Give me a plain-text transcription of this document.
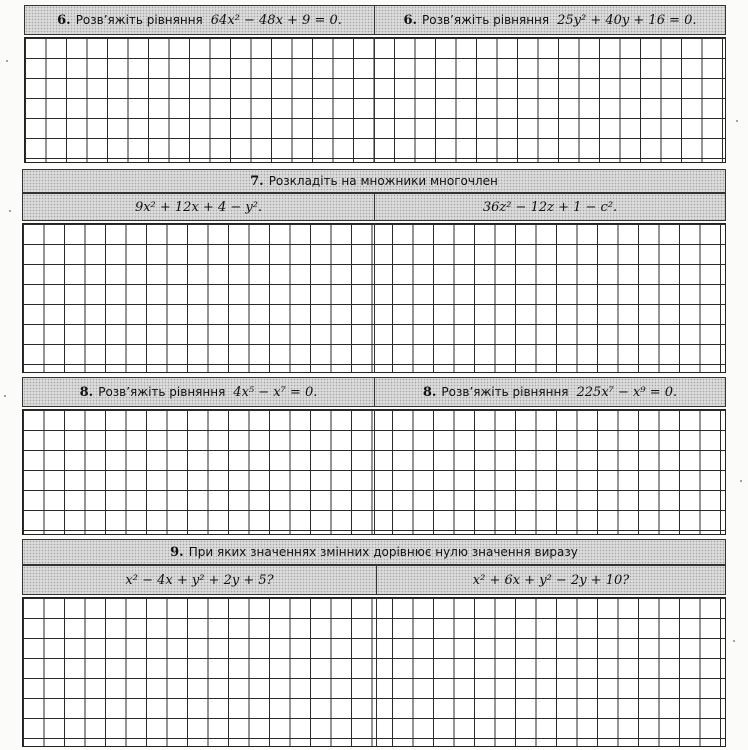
6. Розв’яжіть рівняння 64x² − 48x + 9 = 0.	6. Розв’яжіть рівняння 25y² + 40y + 16 = 0.
7. Розкладіть на множники многочлен
9x² + 12x + 4 − y².	36z² − 12z + 1 − c².
8. Розв’яжіть рівняння 4x⁵ − x⁷ = 0.	8. Розв’яжіть рівняння 225x⁷ − x⁹ = 0.
9. При яких значеннях змінних дорівнює нулю значення виразу
x² − 4x + y² + 2y + 5?	x² + 6x + y² − 2y + 10?
